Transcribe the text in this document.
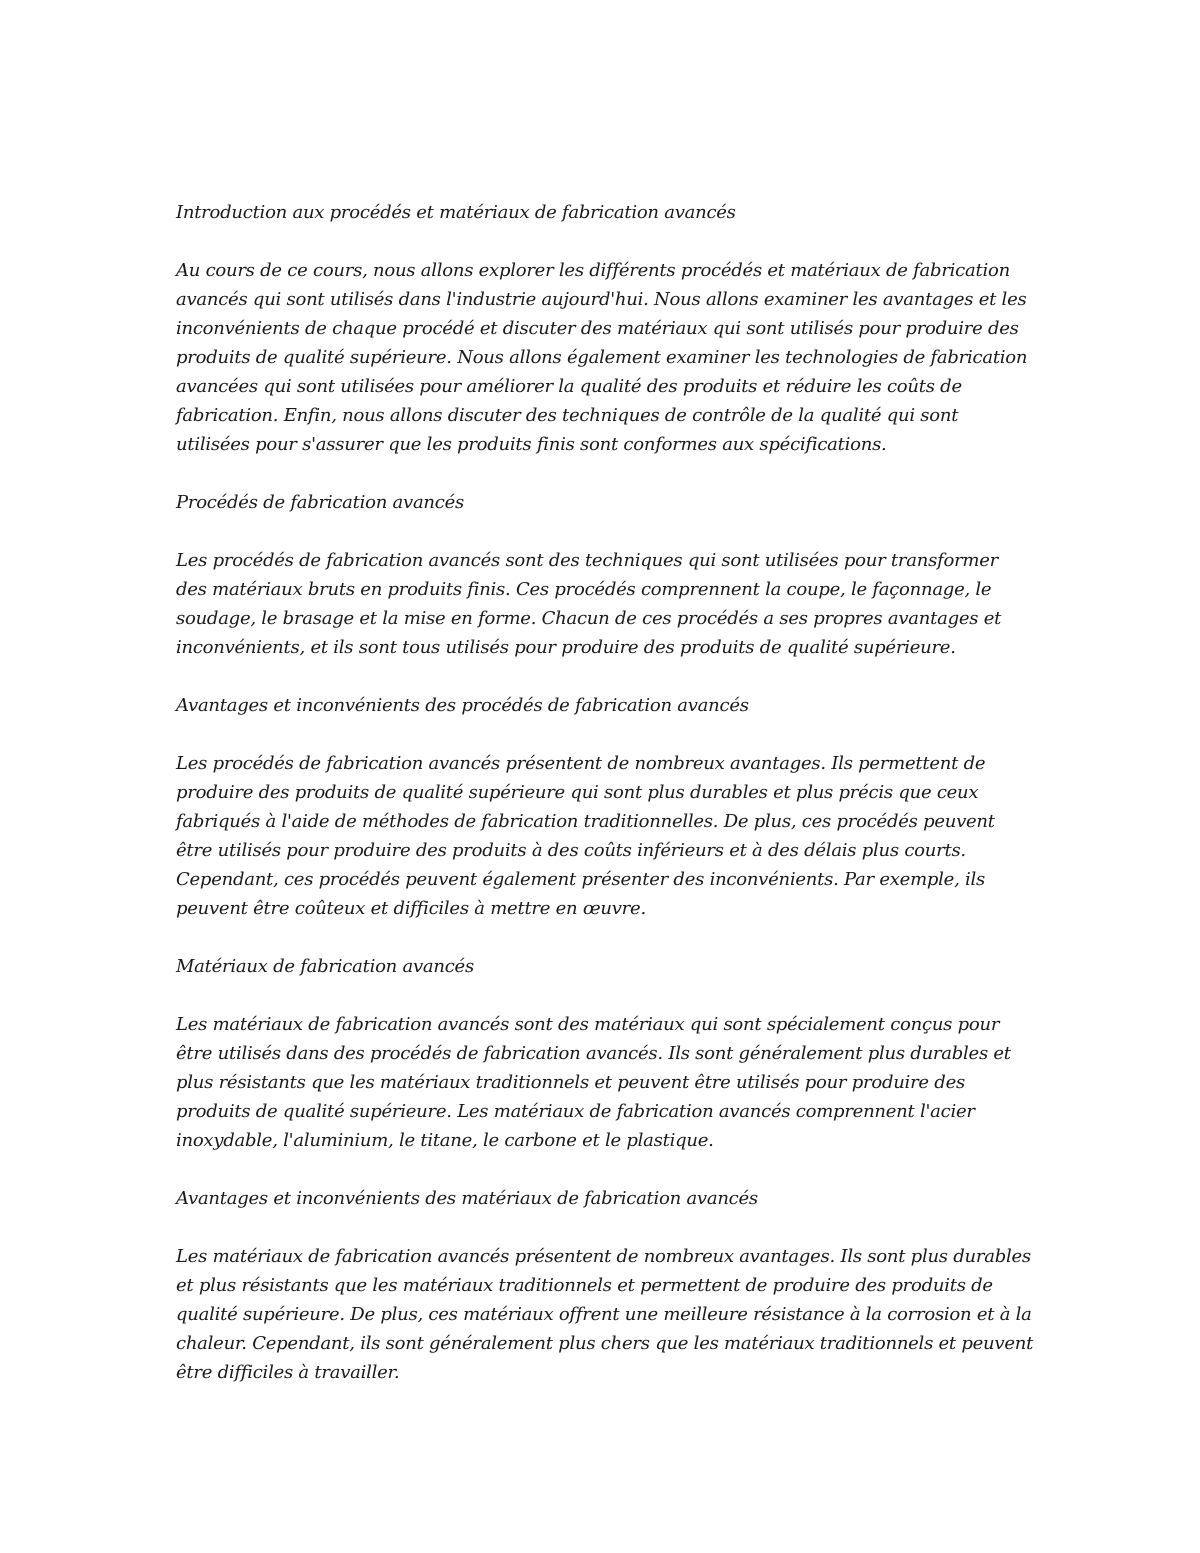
Introduction aux procédés et matériaux de fabrication avancés

Au cours de ce cours, nous allons explorer les différents procédés et matériaux de fabrication avancés qui sont utilisés dans l'industrie aujourd'hui. Nous allons examiner les avantages et les inconvénients de chaque procédé et discuter des matériaux qui sont utilisés pour produire des produits de qualité supérieure. Nous allons également examiner les technologies de fabrication avancées qui sont utilisées pour améliorer la qualité des produits et réduire les coûts de fabrication. Enfin, nous allons discuter des techniques de contrôle de la qualité qui sont utilisées pour s'assurer que les produits finis sont conformes aux spécifications.

Procédés de fabrication avancés

Les procédés de fabrication avancés sont des techniques qui sont utilisées pour transformer des matériaux bruts en produits finis. Ces procédés comprennent la coupe, le façonnage, le soudage, le brasage et la mise en forme. Chacun de ces procédés a ses propres avantages et inconvénients, et ils sont tous utilisés pour produire des produits de qualité supérieure.

Avantages et inconvénients des procédés de fabrication avancés

Les procédés de fabrication avancés présentent de nombreux avantages. Ils permettent de produire des produits de qualité supérieure qui sont plus durables et plus précis que ceux fabriqués à l'aide de méthodes de fabrication traditionnelles. De plus, ces procédés peuvent être utilisés pour produire des produits à des coûts inférieurs et à des délais plus courts. Cependant, ces procédés peuvent également présenter des inconvénients. Par exemple, ils peuvent être coûteux et difficiles à mettre en œuvre.

Matériaux de fabrication avancés

Les matériaux de fabrication avancés sont des matériaux qui sont spécialement conçus pour être utilisés dans des procédés de fabrication avancés. Ils sont généralement plus durables et plus résistants que les matériaux traditionnels et peuvent être utilisés pour produire des produits de qualité supérieure. Les matériaux de fabrication avancés comprennent l'acier inoxydable, l'aluminium, le titane, le carbone et le plastique.

Avantages et inconvénients des matériaux de fabrication avancés

Les matériaux de fabrication avancés présentent de nombreux avantages. Ils sont plus durables et plus résistants que les matériaux traditionnels et permettent de produire des produits de qualité supérieure. De plus, ces matériaux offrent une meilleure résistance à la corrosion et à la chaleur. Cependant, ils sont généralement plus chers que les matériaux traditionnels et peuvent être difficiles à travailler.
